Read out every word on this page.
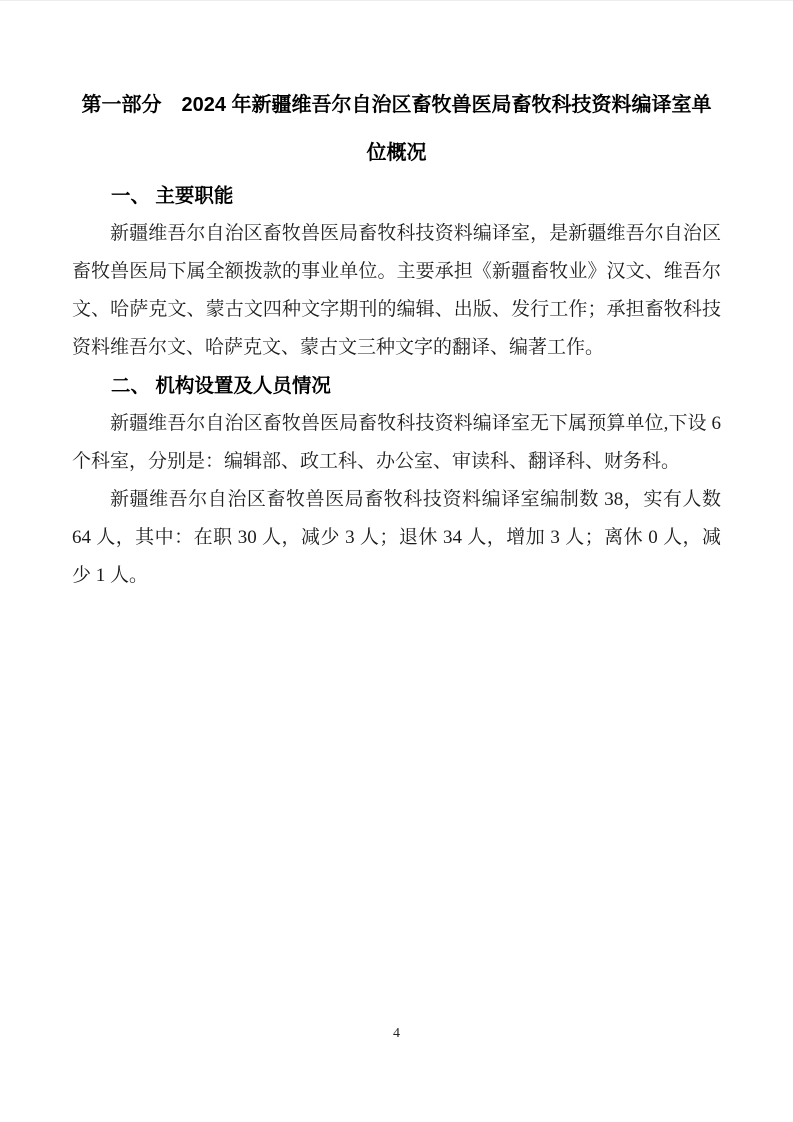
第一部分　2024 年新疆维吾尔自治区畜牧兽医局畜牧科技资料编译室单位概况
一、 主要职能

新疆维吾尔自治区畜牧兽医局畜牧科技资料编译室，是新疆维吾尔自治区畜牧兽医局下属全额拨款的事业单位。主要承担《新疆畜牧业》汉文、维吾尔文、哈萨克文、蒙古文四种文字期刊的编辑、出版、发行工作；承担畜牧科技资料维吾尔文、哈萨克文、蒙古文三种文字的翻译、编著工作。

二、 机构设置及人员情况

新疆维吾尔自治区畜牧兽医局畜牧科技资料编译室无下属预算单位,下设 6 个科室，分别是：编辑部、政工科、办公室、审读科、翻译科、财务科。

新疆维吾尔自治区畜牧兽医局畜牧科技资料编译室编制数 38，实有人数 64 人，其中：在职 30 人，减少 3 人；退休 34 人，增加 3 人；离休 0 人，减少 1 人。

4
